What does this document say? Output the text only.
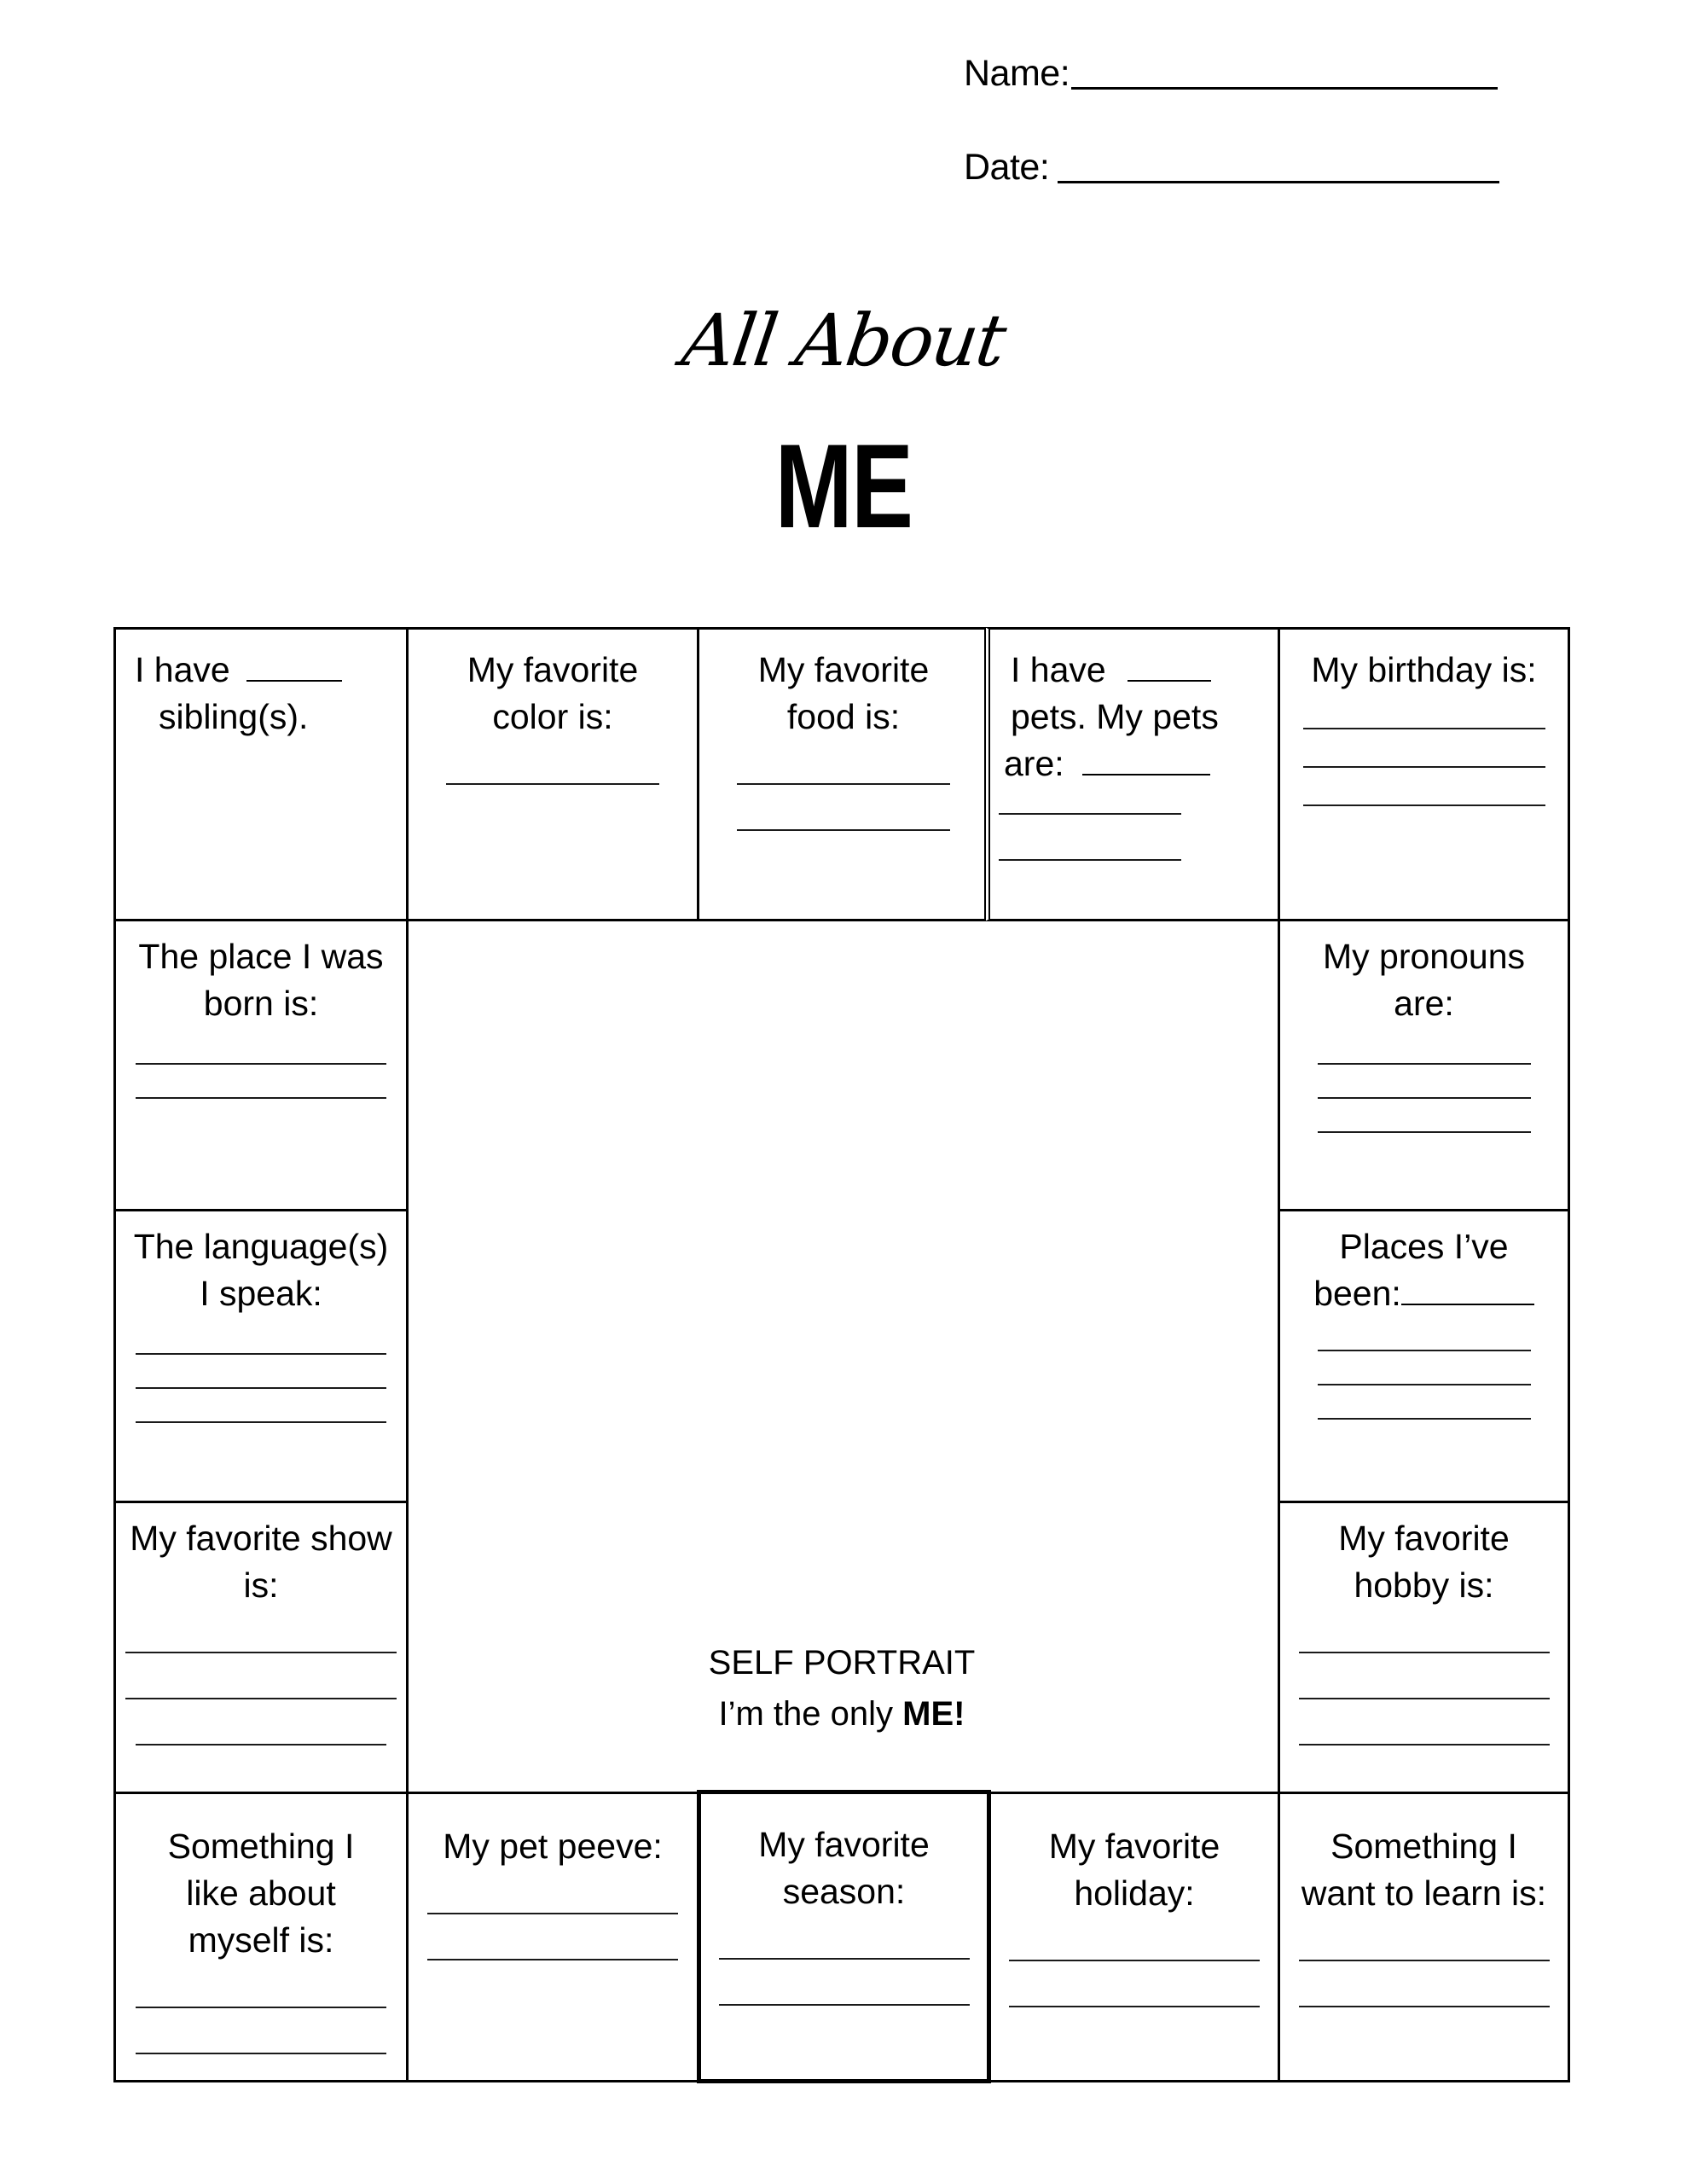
Name:
Date:
All About
ME
I have
sibling(s).
My favorite
color is:
My favorite
food is:
I have
pets. My pets
are:
My birthday is:
The place I was
born is:
My pronouns
are:
The language(s)
I speak:
Places I’ve
been:
My favorite show
is:
My favorite
hobby is:
SELF PORTRAIT
I’m the only ME!
Something I
like about
myself is:
My pet peeve:	My favorite
season:
My favorite
holiday:
Something I
want to learn is:
